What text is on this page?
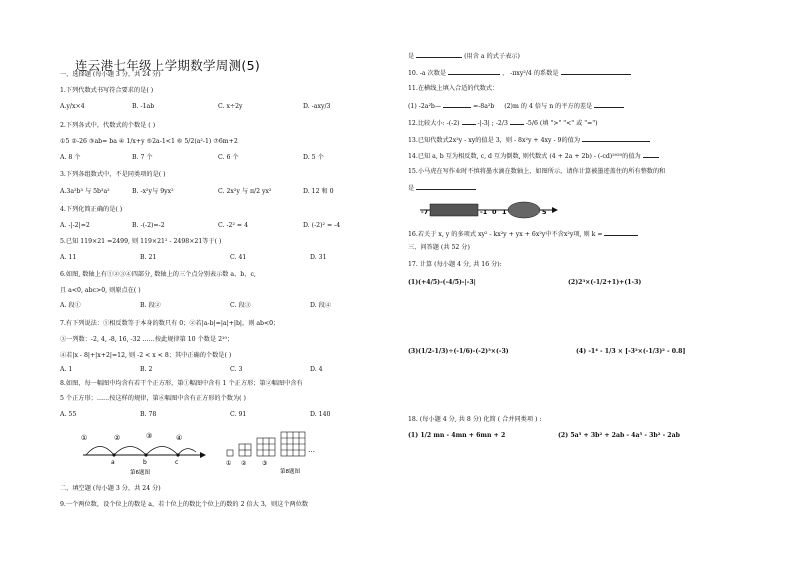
连云港七年级上学期数学周测(5)
一、选择题 (每小题 3 分，共 24 分)
1.下列代数式书写符合要求的是( )
A.y/x×4	B. -1ab	C. x÷2y	D. -axy/3
2.下列各式中，代数式的个数是 ( )
①5 ②-26 ③ab= ba ④ 1/x+y ⑤2a-1<1 ⑥ 5/2(a²-1) ⑦6m+2
A. 8 个	B. 7 个	C. 6 个	D. 5 个
3.下列各组数式中，不是同类项的是( )
A.3a²b³ 与 5b³a²	B. -x²y与 9yx²	C. 2x²y 与 π/2 yx²	D. 12 和 0
4.下列化简正确的是( )
A. -|-2|=2	B. -(-2)=-2	C. -2² = 4	D. (-2)² = -4
5.已知 119×21 =2499, 则 119×21² - 2498×21等于( )
A. 11	B. 21	C. 41	D. 31
6.如图, 数轴上有①②③④四部分, 数轴上的三个点分别表示数 a、b、c,
且 a<0, abc>0, 则原点在( )
A. 段①	B. 段②	C. 段③	D. 段④
7.有下列说法：①相反数等于本身的数只有 0；②若|a-b|=|a|+|b|，则 ab<0；
③一列数：-2, 4, -8, 16, -32 ……按此规律第 10 个数是 2¹⁰；
④若|x - 8|+|x+2|=12, 则 -2 < x < 8；其中正确的个数是( )
A. 1	B. 2	C. 3	D. 4
8.如图，每一幅图中均含有若干个正方形，第①幅图中含有 1 个正方形；第②幅图中含有
5 个正方形；……按这样的规律，第⑥幅图中含有正方形的个数为( )
A. 55	B. 78	C. 91	D. 140
①	②	③	④
a	b	c
第6题图
…
① ②	③
第8题图
二、填空题 (每小题 3 分，共 24 分)
9.一个两位数，设个位上的数是 a，若十位上的数比个位上的数的 2 倍大 3，则这个两位数
是	(用含 a 的式子表示)
10. -a 次数是	， -πxy²/4 的系数是
11.在横线上填入合适的代数式：
(1) -2a²b—	=-8a²b (2)m 的 4 倍与 n 的平方的差是
12.比较大小: -(-2)	-|-3| ; -2/3	-5/6 (填 ">" "<" 或 "=")
13.已知代数式2x²y - xy的值是 3，则 - 8x²y + 4xy - 9的值为
14.已知 a, b 互为相反数, c, d 互为倒数, 则代数式 (4 + 2a + 2b) - (-cd)²⁰²⁰的值为
15.小马虎在写作业时不慎将墨水滴在数轴上，如图所示，请你计算被墨迹盖住的所有整数的和
是
-7	-1 0 1	5
16.若关于 x, y 的多项式 xy² - kx²y + yx + 6x²y中不含x²y项, 则 k =
三、问答题 (共 52 分)
17. 计算 (每小题 4 分, 共 16 分):
(1)(+4/5)-(-4/5)-|-3|	(2)2³×(-1/2+1)+(1-3)
(3)(1/2-1/3)÷(-1/6)-(-2)³×(-3)	(4) -1⁴ - 1/3 × [-3²×(-1/3)² - 0.8]
18. (每小题 4 分, 共 8 分) 化简 ( 合并同类项 ) :
(1) 1/2 mn - 4mn + 6mn + 2	(2) 5a⁵ + 3b² + 2ab - 4a⁵ - 3b² - 2ab
